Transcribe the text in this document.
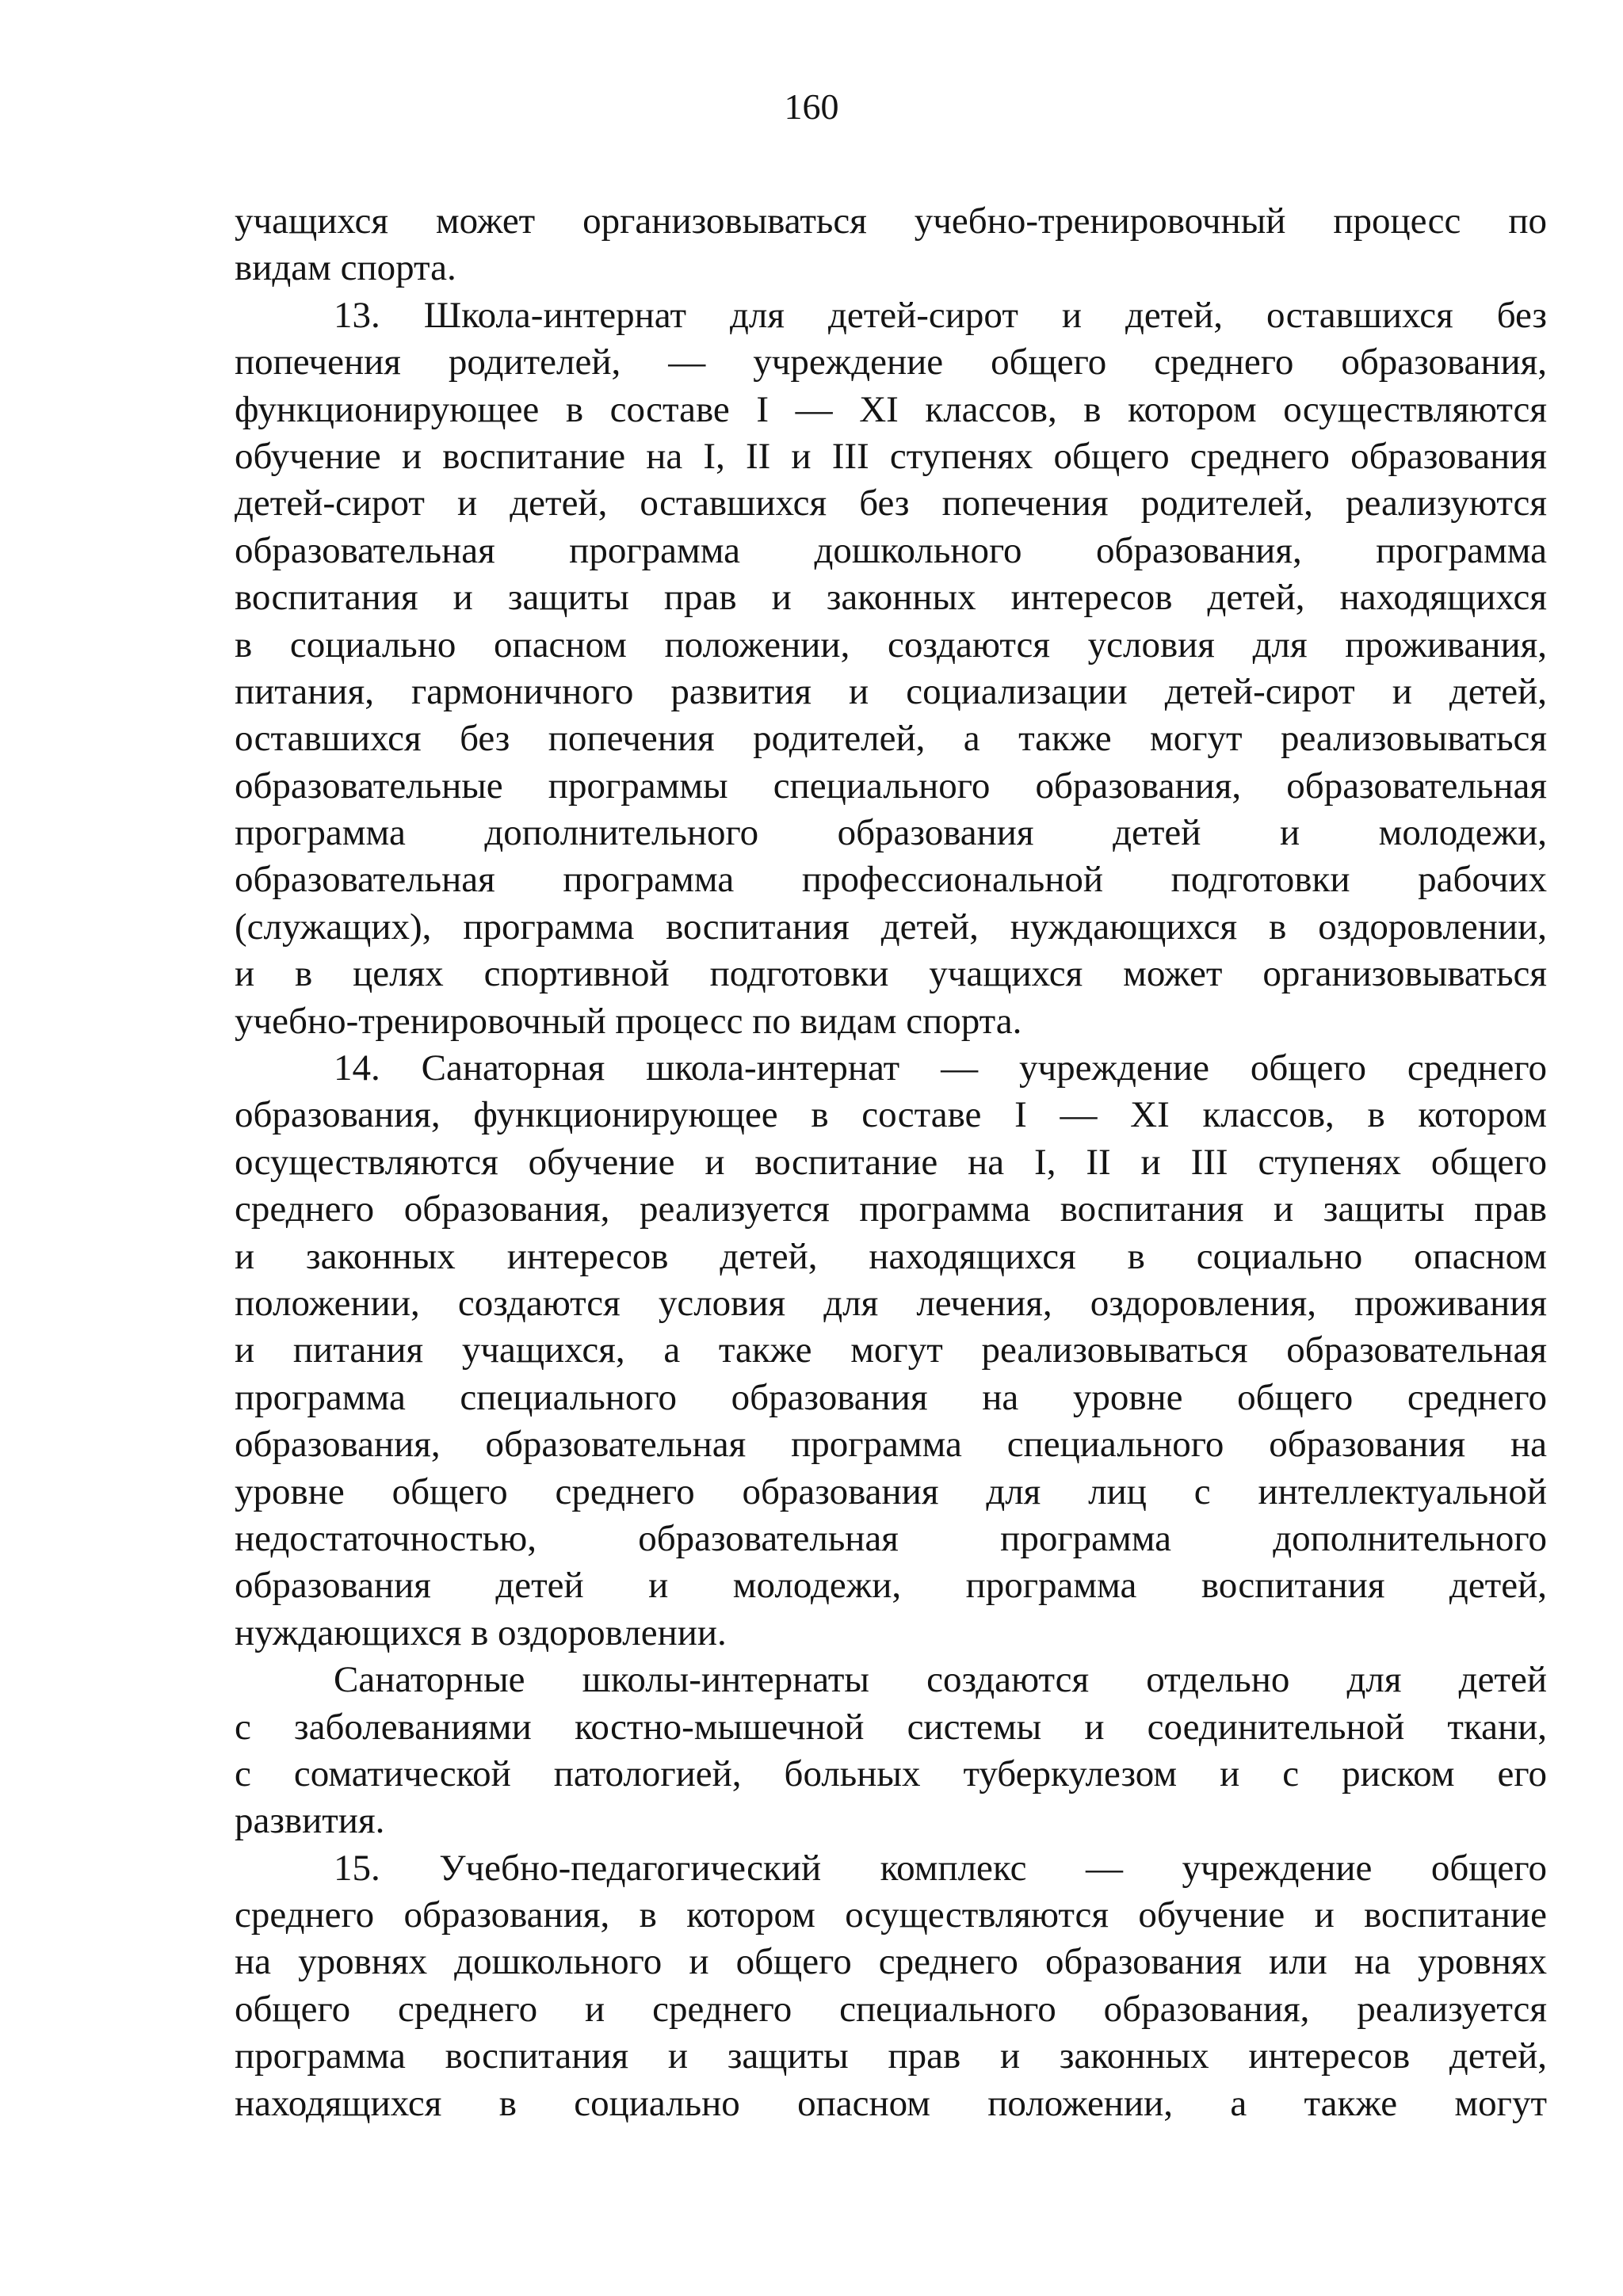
160
учащихся может организовываться учебно-тренировочный процесс по
видам спорта.
13. Школа-интернат для детей-сирот и детей, оставшихся без
попечения родителей, — учреждение общего среднего образования,
функционирующее в составе I — XI классов, в котором осуществляются
обучение и воспитание на I, II и III ступенях общего среднего образования
детей-сирот и детей, оставшихся без попечения родителей, реализуются
образовательная программа дошкольного образования, программа
воспитания и защиты прав и законных интересов детей, находящихся
в социально опасном положении, создаются условия для проживания,
питания, гармоничного развития и социализации детей-сирот и детей,
оставшихся без попечения родителей, а также могут реализовываться
образовательные программы специального образования, образовательная
программа дополнительного образования детей и молодежи,
образовательная программа профессиональной подготовки рабочих
(служащих), программа воспитания детей, нуждающихся в оздоровлении,
и в целях спортивной подготовки учащихся может организовываться
учебно-тренировочный процесс по видам спорта.
14. Санаторная школа-интернат — учреждение общего среднего
образования, функционирующее в составе I — XI классов, в котором
осуществляются обучение и воспитание на I, II и III ступенях общего
среднего образования, реализуется программа воспитания и защиты прав
и законных интересов детей, находящихся в социально опасном
положении, создаются условия для лечения, оздоровления, проживания
и питания учащихся, а также могут реализовываться образовательная
программа специального образования на уровне общего среднего
образования, образовательная программа специального образования на
уровне общего среднего образования для лиц с интеллектуальной
недостаточностью, образовательная программа дополнительного
образования детей и молодежи, программа воспитания детей,
нуждающихся в оздоровлении.
Санаторные школы-интернаты создаются отдельно для детей
с заболеваниями костно-мышечной системы и соединительной ткани,
с соматической патологией, больных туберкулезом и с риском его
развития.
15. Учебно-педагогический комплекс — учреждение общего
среднего образования, в котором осуществляются обучение и воспитание
на уровнях дошкольного и общего среднего образования или на уровнях
общего среднего и среднего специального образования, реализуется
программа воспитания и защиты прав и законных интересов детей,
находящихся в социально опасном положении, а также могут
